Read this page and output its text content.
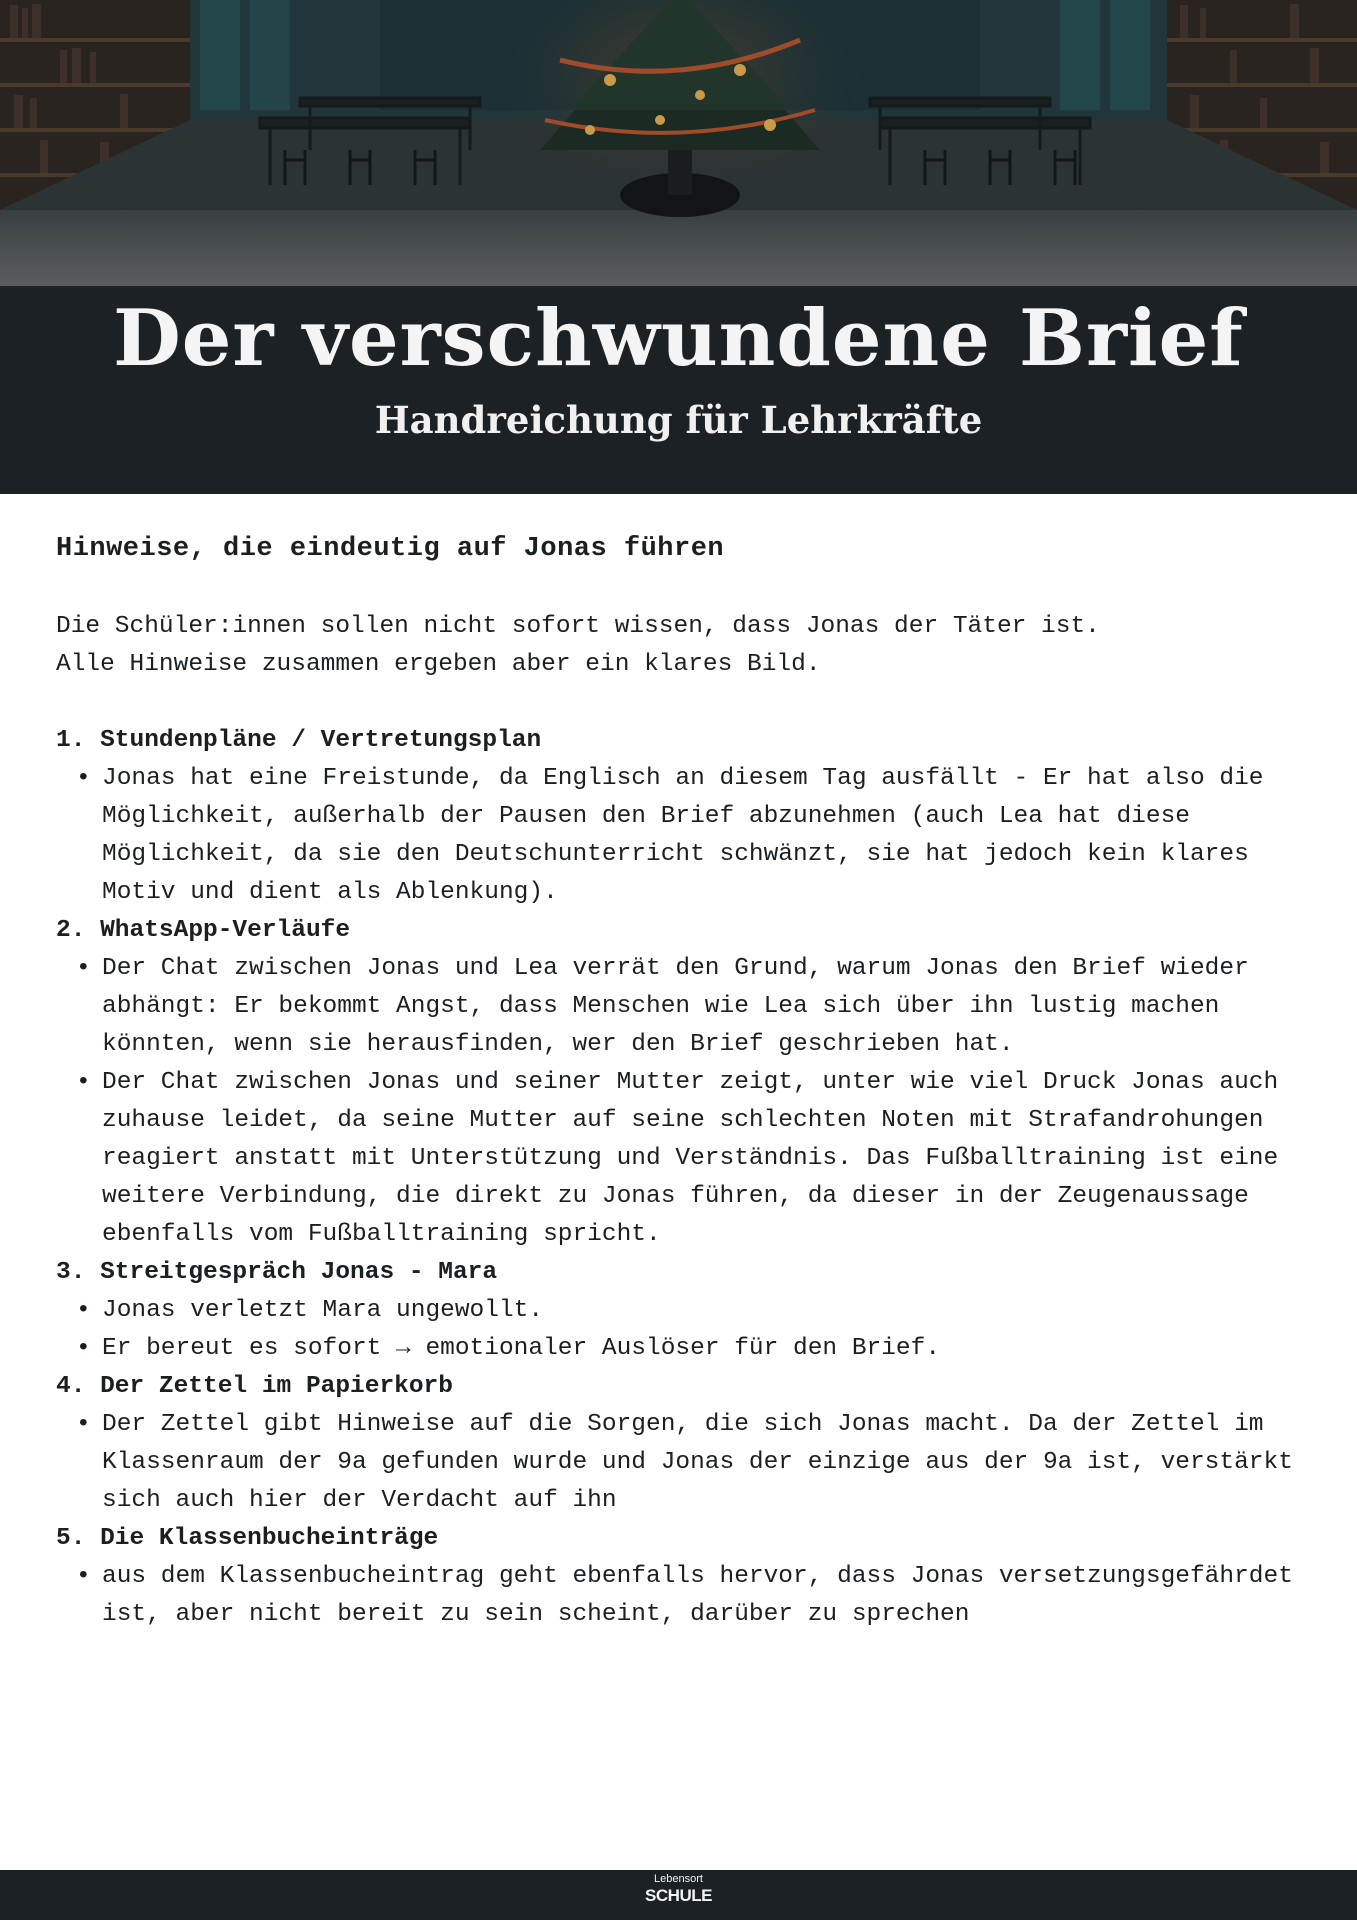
Der verschwundene Brief
Handreichung für Lehrkräfte
Hinweise, die eindeutig auf Jonas führen
Die Schüler:innen sollen nicht sofort wissen, dass Jonas der Täter ist.
Alle Hinweise zusammen ergeben aber ein klares Bild.
1. Stundenpläne / Vertretungsplan
• Jonas hat eine Freistunde, da Englisch an diesem Tag ausfällt - Er hat also die Möglichkeit, außerhalb der Pausen den Brief abzunehmen (auch Lea hat diese Möglichkeit, da sie den Deutschunterricht schwänzt, sie hat jedoch kein klares Motiv und dient als Ablenkung).
2. WhatsApp-Verläufe
• Der Chat zwischen Jonas und Lea verrät den Grund, warum Jonas den Brief wieder abhängt: Er bekommt Angst, dass Menschen wie Lea sich über ihn lustig machen könnten, wenn sie herausfinden, wer den Brief geschrieben hat.
• Der Chat zwischen Jonas und seiner Mutter zeigt, unter wie viel Druck Jonas auch zuhause leidet, da seine Mutter auf seine schlechten Noten mit Strafandrohungen reagiert anstatt mit Unterstützung und Verständnis. Das Fußballtraining ist eine weitere Verbindung, die direkt zu Jonas führen, da dieser in der Zeugenaussage ebenfalls vom Fußballtraining spricht.
3. Streitgespräch Jonas - Mara
• Jonas verletzt Mara ungewollt.
• Er bereut es sofort → emotionaler Auslöser für den Brief.
4. Der Zettel im Papierkorb
• Der Zettel gibt Hinweise auf die Sorgen, die sich Jonas macht. Da der Zettel im Klassenraum der 9a gefunden wurde und Jonas der einzige aus der 9a ist, verstärkt sich auch hier der Verdacht auf ihn
5. Die Klassenbucheinträge
• aus dem Klassenbucheintrag geht ebenfalls hervor, dass Jonas versetzungsgefährdet ist, aber nicht bereit zu sein scheint, darüber zu sprechen
Lebensort
SCHULE
